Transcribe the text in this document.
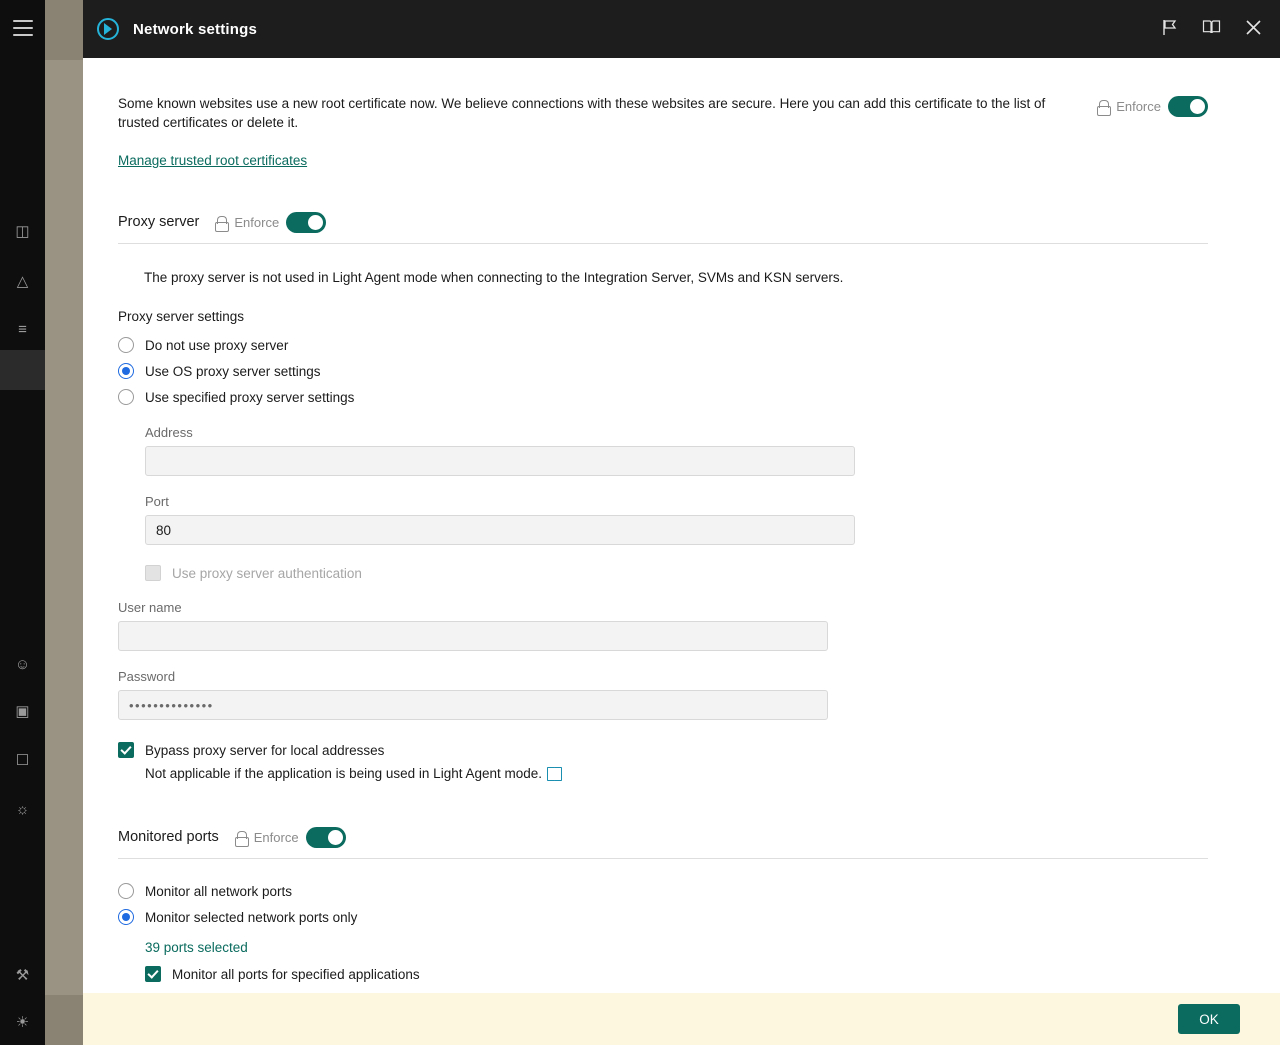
◫
△
≡
☺
▣
☐
☼
⚒
☀
Network settings
Some known websites use a new root certificate now. We believe connections with these websites are secure. Here you can add this certificate to the list of trusted certificates or delete it.
Enforce
Manage trusted root certificates
Proxy server	Enforce
The proxy server is not used in Light Agent mode when connecting to the Integration Server, SVMs and KSN servers.
Proxy server settings
Do not use proxy server
Use OS proxy server settings
Use specified proxy server settings
Address
Port
80
Use proxy server authentication
User name
Password
••••••••••••••
Bypass proxy server for local addresses
Not applicable if the application is being used in Light Agent mode.
Monitored ports	Enforce
Monitor all network ports
Monitor selected network ports only
39 ports selected
Monitor all ports for specified applications
OK
